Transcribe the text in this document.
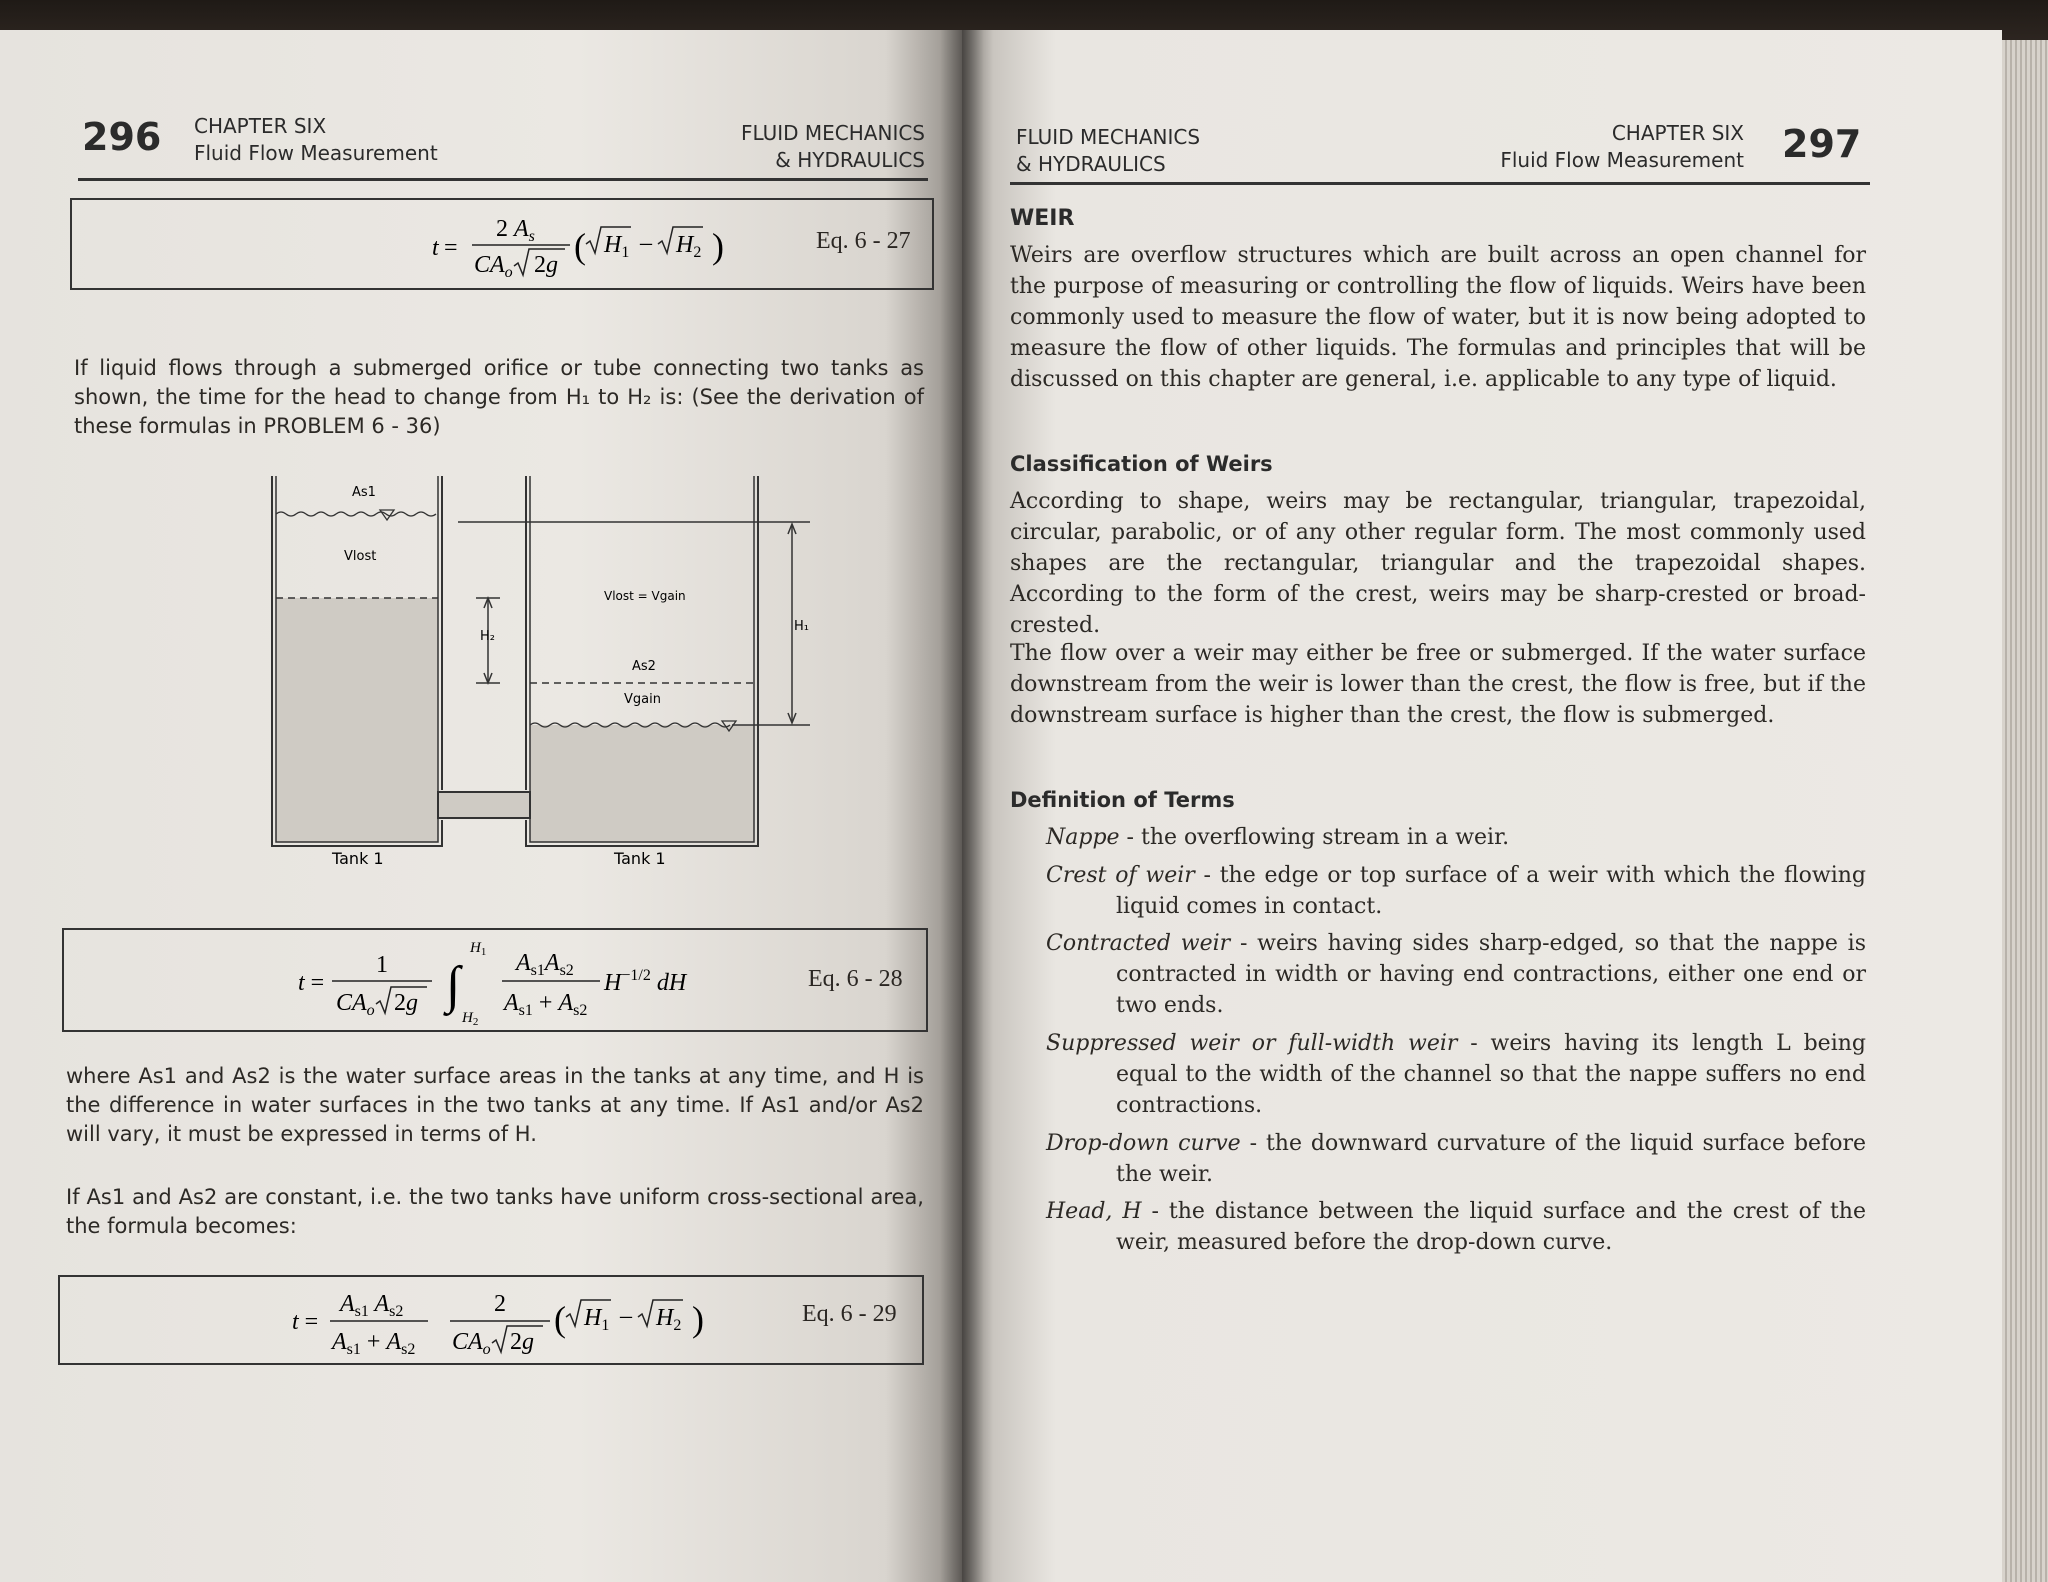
296 CHAPTER SIX
Fluid Flow Measurement
FLUID MECHANICS
& HYDRAULICS
t =
2 $A_s$
$CA_o$ 2g ( $H_1 - H_2$ )	Eq. 6 - 27
If liquid flows through a submerged orifice or tube connecting two tanks as shown, the time for the head to change from H₁ to H₂ is: (See the derivation of these formulas in PROBLEM 6 - 36)
As1
Vlost
Vlost = Vgain
H₂
H₁
As2
Vgain
Tank 1	Tank 1
t =
1
$CA_o$ 2g ∫
$H_1$
$H_2$
$A_{s1}A_{s2}$
$A_{s1} + A_{s2}$
$H^{-1/2}$ dH	Eq. 6 - 28
where As1 and As2 is the water surface areas in the tanks at any time, and H is the difference in water surfaces in the two tanks at any time. If As1 and/or As2 will vary, it must be expressed in terms of H.
If As1 and As2 are constant, i.e. the two tanks have uniform cross-sectional area, the formula becomes:
t =
$A_{s1}$ $A_{s2}$
$A_{s1} + A_{s2}$
2
$CA_o$ 2g
( $H_1 - H_2$ )	Eq. 6 - 29
FLUID MECHANICS
& HYDRAULICS
CHAPTER SIX
Fluid Flow Measurement 297
WEIR
Weirs are overflow structures which are built across an open channel for the purpose of measuring or controlling the flow of liquids. Weirs have been commonly used to measure the flow of water, but it is now being adopted to measure the flow of other liquids. The formulas and principles that will be discussed on this chapter are general, i.e. applicable to any type of liquid.
Classification of Weirs
According to shape, weirs may be rectangular, triangular, trapezoidal, circular, parabolic, or of any other regular form. The most commonly used shapes are the rectangular, triangular and the trapezoidal shapes. According to the form of the crest, weirs may be sharp-crested or broad-crested.
The flow over a weir may either be free or submerged. If the water surface downstream from the weir is lower than the crest, the flow is free, but if the downstream surface is higher than the crest, the flow is submerged.
Definition of Terms
Nappe - the overflowing stream in a weir.
Crest of weir - the edge or top surface of a weir with which the flowing liquid comes in contact.
Contracted weir - weirs having sides sharp-edged, so that the nappe is contracted in width or having end contractions, either one end or two ends.
Suppressed weir or full-width weir - weirs having its length L being equal to the width of the channel so that the nappe suffers no end contractions.
Drop-down curve - the downward curvature of the liquid surface before the weir.
Head, H - the distance between the liquid surface and the crest of the weir, measured before the drop-down curve.
